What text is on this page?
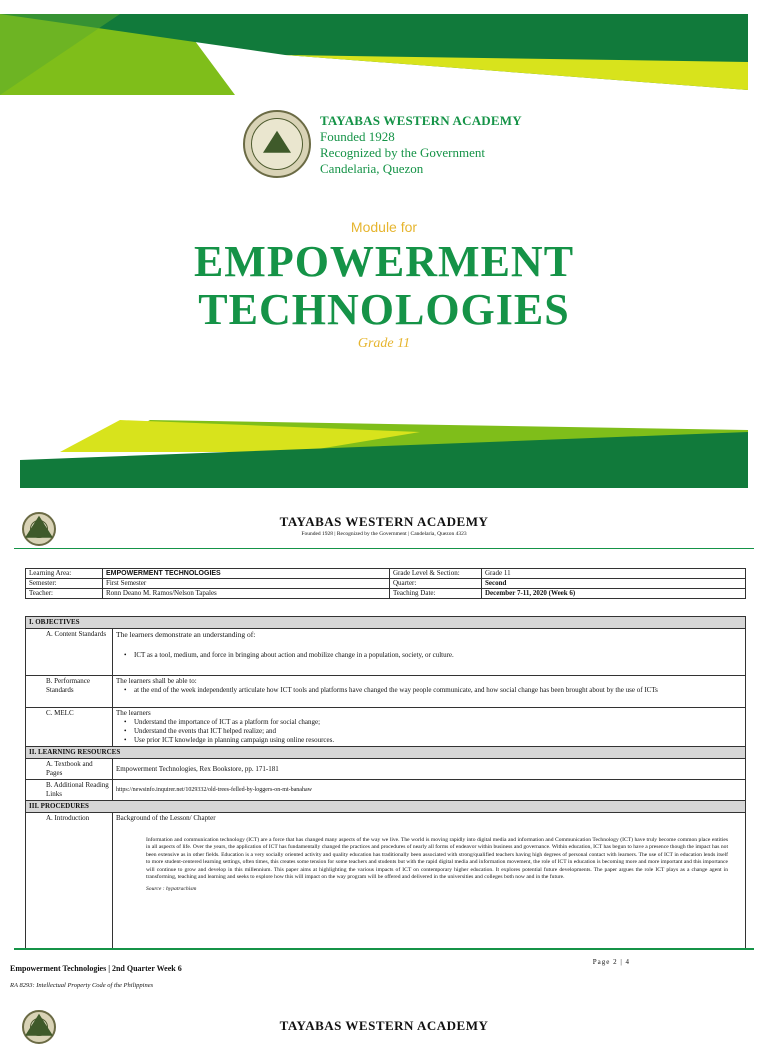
TAYABAS WESTERN ACADEMY
Founded 1928
Recognized by the Government
Candelaria, Quezon
Module for
EMPOWERMENT
TECHNOLOGIES
Grade 11
TAYABAS WESTERN ACADEMY
Founded 1928 | Recognized by the Government | Candelaria, Quezon 4323
Learning Area:	EMPOWERMENT TECHNOLOGIES	Grade Level & Section:	Grade 11
Semester:	First Semester	Quarter:	Second
Teacher:	Ronn Deano M. Ramos/Nelson Tapales	Teaching Date:	December 7-11, 2020 (Week 6)
I. OBJECTIVES	

A. Content Standards	The learners demonstrate an understanding of:
• ICT as a tool, medium, and force in bringing about action and mobilize change in a population, society, or culture.

B. Performance Standards	The learners shall be able to:
• at the end of the week independently articulate how ICT tools and platforms have changed the way people communicate, and how social change has been brought about by the use of ICTs

C. MELC	The learners
• Understand the importance of ICT as a platform for social change;
• Understand the events that ICT helped realize; and
• Use prior ICT knowledge in planning campaign using online resources.

II. LEARNING RESOURCES	

A. Textbook and Pages	Empowerment Technologies, Rex Bookstore, pp. 171-181

B. Additional Reading Links	https://newsinfo.inquirer.net/1029332/old-trees-felled-by-loggers-on-mt-banahaw
III. PROCEDURES	

A. Introduction	Background of the Lesson/ Chapter
Information and communication technology (ICT) are a force that has changed many aspects of the way we live. The world is moving rapidly into digital media and information and Communication Technology (ICT) have truly become common place entities in all aspects of life. Over the years, the application of ICT has fundamentally changed the practices and procedures of nearly all forms of endeavor within business and governance. Within education, ICT has begun to have a presence though the impact has not been extensive as in other fields. Education is a very socially oriented activity and quality education has traditionally been associated with strong/qualified teachers having high degrees of personal contact with learners. The use of ICT in education lends itself to more student-centered learning settings, often times, this creates some tension for some teachers and students but with the rapid digital media and information movement, the role of ICT in education is becoming more and more important and this importance will continue to grow and develop in this millennium. This paper aims at highlighting the various impacts of ICT on contemporary higher education. It explores potential future developments. The paper argues the role ICT plays as a change agent in transforming, teaching and learning and seeks to explore how this will impact on the way program will be offered and delivered in the universities and colleges both now and in the future.
Source : hypatrachism
Empowerment Technologies | 2nd Quarter Week 6
Page 2 | 4
RA 8293: Intellectual Property Code of the Philippines
TAYABAS WESTERN ACADEMY
